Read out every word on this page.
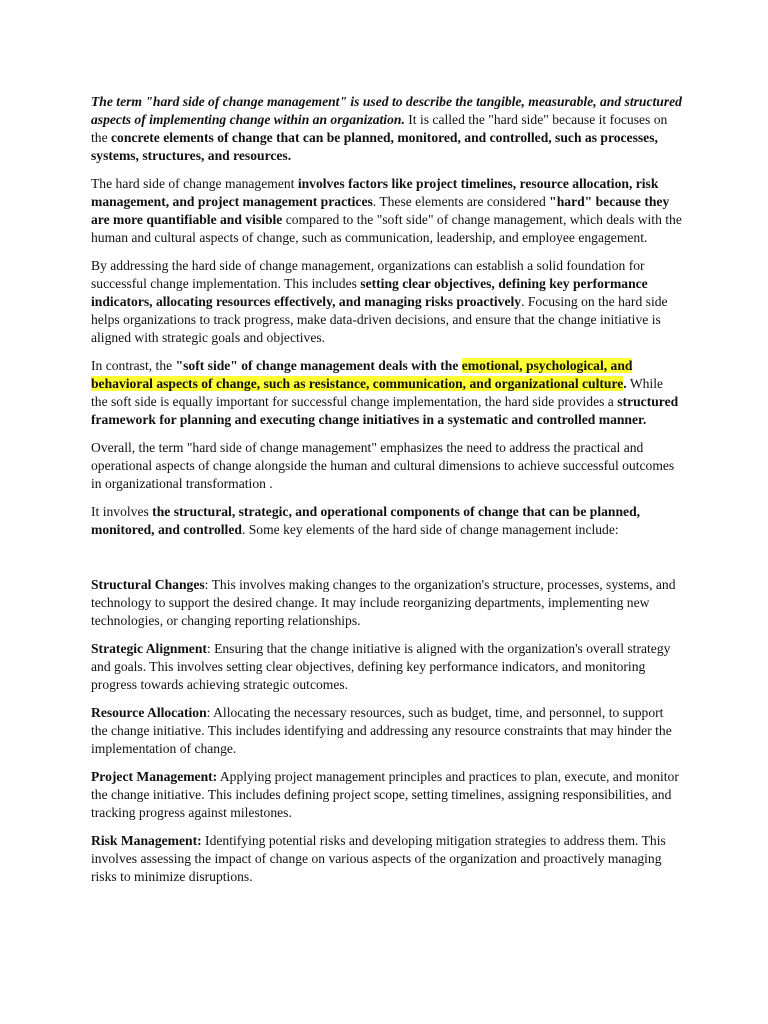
The term "hard side of change management" is used to describe the tangible, measurable, and structured aspects of implementing change within an organization. It is called the "hard side" because it focuses on the concrete elements of change that can be planned, monitored, and controlled, such as processes, systems, structures, and resources.

The hard side of change management involves factors like project timelines, resource allocation, risk management, and project management practices. These elements are considered "hard" because they are more quantifiable and visible compared to the "soft side" of change management, which deals with the human and cultural aspects of change, such as communication, leadership, and employee engagement.

By addressing the hard side of change management, organizations can establish a solid foundation for successful change implementation. This includes setting clear objectives, defining key performance indicators, allocating resources effectively, and managing risks proactively. Focusing on the hard side helps organizations to track progress, make data-driven decisions, and ensure that the change initiative is aligned with strategic goals and objectives.

In contrast, the "soft side" of change management deals with the emotional, psychological, and behavioral aspects of change, such as resistance, communication, and organizational culture. While the soft side is equally important for successful change implementation, the hard side provides a structured framework for planning and executing change initiatives in a systematic and controlled manner.

Overall, the term "hard side of change management" emphasizes the need to address the practical and operational aspects of change alongside the human and cultural dimensions to achieve successful outcomes in organizational transformation .

It involves the structural, strategic, and operational components of change that can be planned, monitored, and controlled. Some key elements of the hard side of change management include:

Structural Changes: This involves making changes to the organization's structure, processes, systems, and technology to support the desired change. It may include reorganizing departments, implementing new technologies, or changing reporting relationships.

Strategic Alignment: Ensuring that the change initiative is aligned with the organization's overall strategy and goals. This involves setting clear objectives, defining key performance indicators, and monitoring progress towards achieving strategic outcomes.

Resource Allocation: Allocating the necessary resources, such as budget, time, and personnel, to support the change initiative. This includes identifying and addressing any resource constraints that may hinder the implementation of change.

Project Management: Applying project management principles and practices to plan, execute, and monitor the change initiative. This includes defining project scope, setting timelines, assigning responsibilities, and tracking progress against milestones.

Risk Management: Identifying potential risks and developing mitigation strategies to address them. This involves assessing the impact of change on various aspects of the organization and proactively managing risks to minimize disruptions.
